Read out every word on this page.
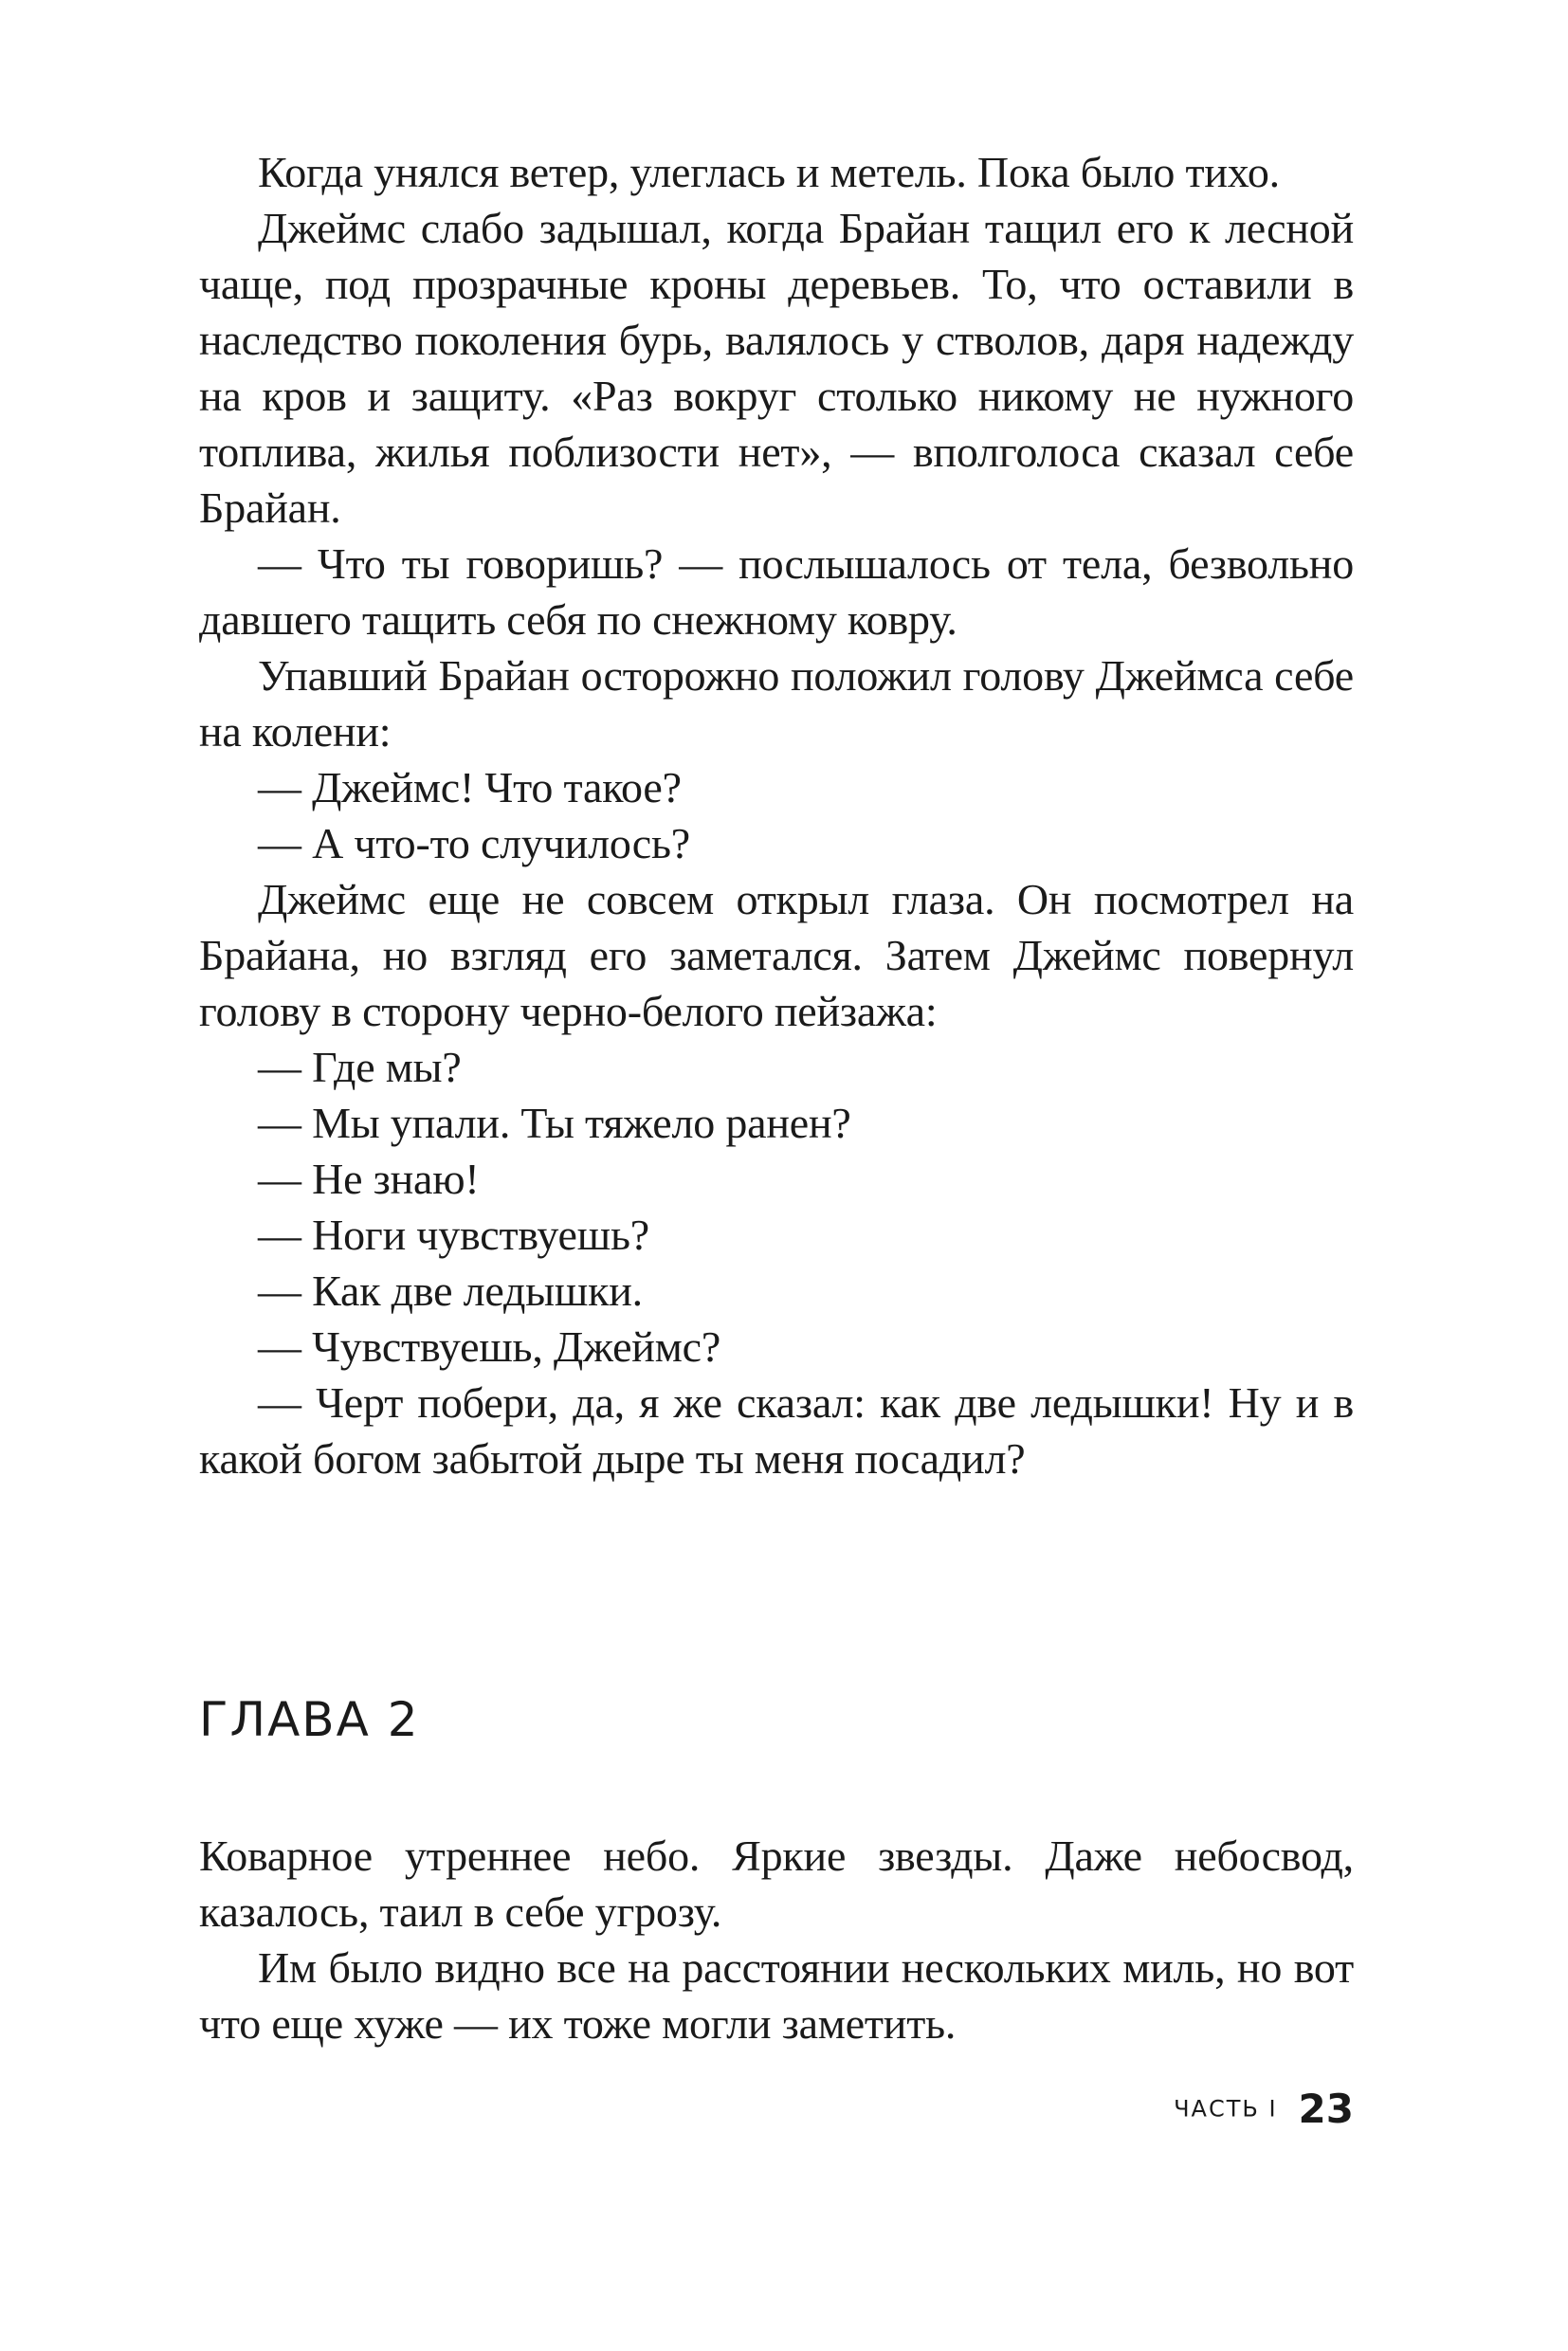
Когда унялся ветер, улеглась и метель. Пока было тихо.

Джеймс слабо задышал, когда Брайан тащил его к лесной чаще, под прозрачные кроны деревьев. То, что оставили в наследство поколения бурь, валялось у стволов, даря надежду на кров и защиту. «Раз вокруг столько никому не нужного топлива, жилья поблизости нет», — вполголоса сказал себе Брайан.

— Что ты говоришь? — послышалось от тела, безвольно давшего тащить себя по снежному ковру.

Упавший Брайан осторожно положил голову Джеймса себе на колени:

— Джеймс! Что такое?

— А что-то случилось?

Джеймс еще не совсем открыл глаза. Он посмотрел на Брайана, но взгляд его заметался. Затем Джеймс повернул голову в сторону черно-белого пейзажа:

— Где мы?

— Мы упали. Ты тяжело ранен?

— Не знаю!

— Ноги чувствуешь?

— Как две ледышки.

— Чувствуешь, Джеймс?

— Черт побери, да, я же сказал: как две ледышки! Ну и в какой богом забытой дыре ты меня посадил?

ГЛАВА 2

Коварное утреннее небо. Яркие звезды. Даже небосвод, казалось, таил в себе угрозу.

Им было видно все на расстоянии нескольких миль, но вот что еще хуже — их тоже могли заметить.

ЧАСТЬ I 23
